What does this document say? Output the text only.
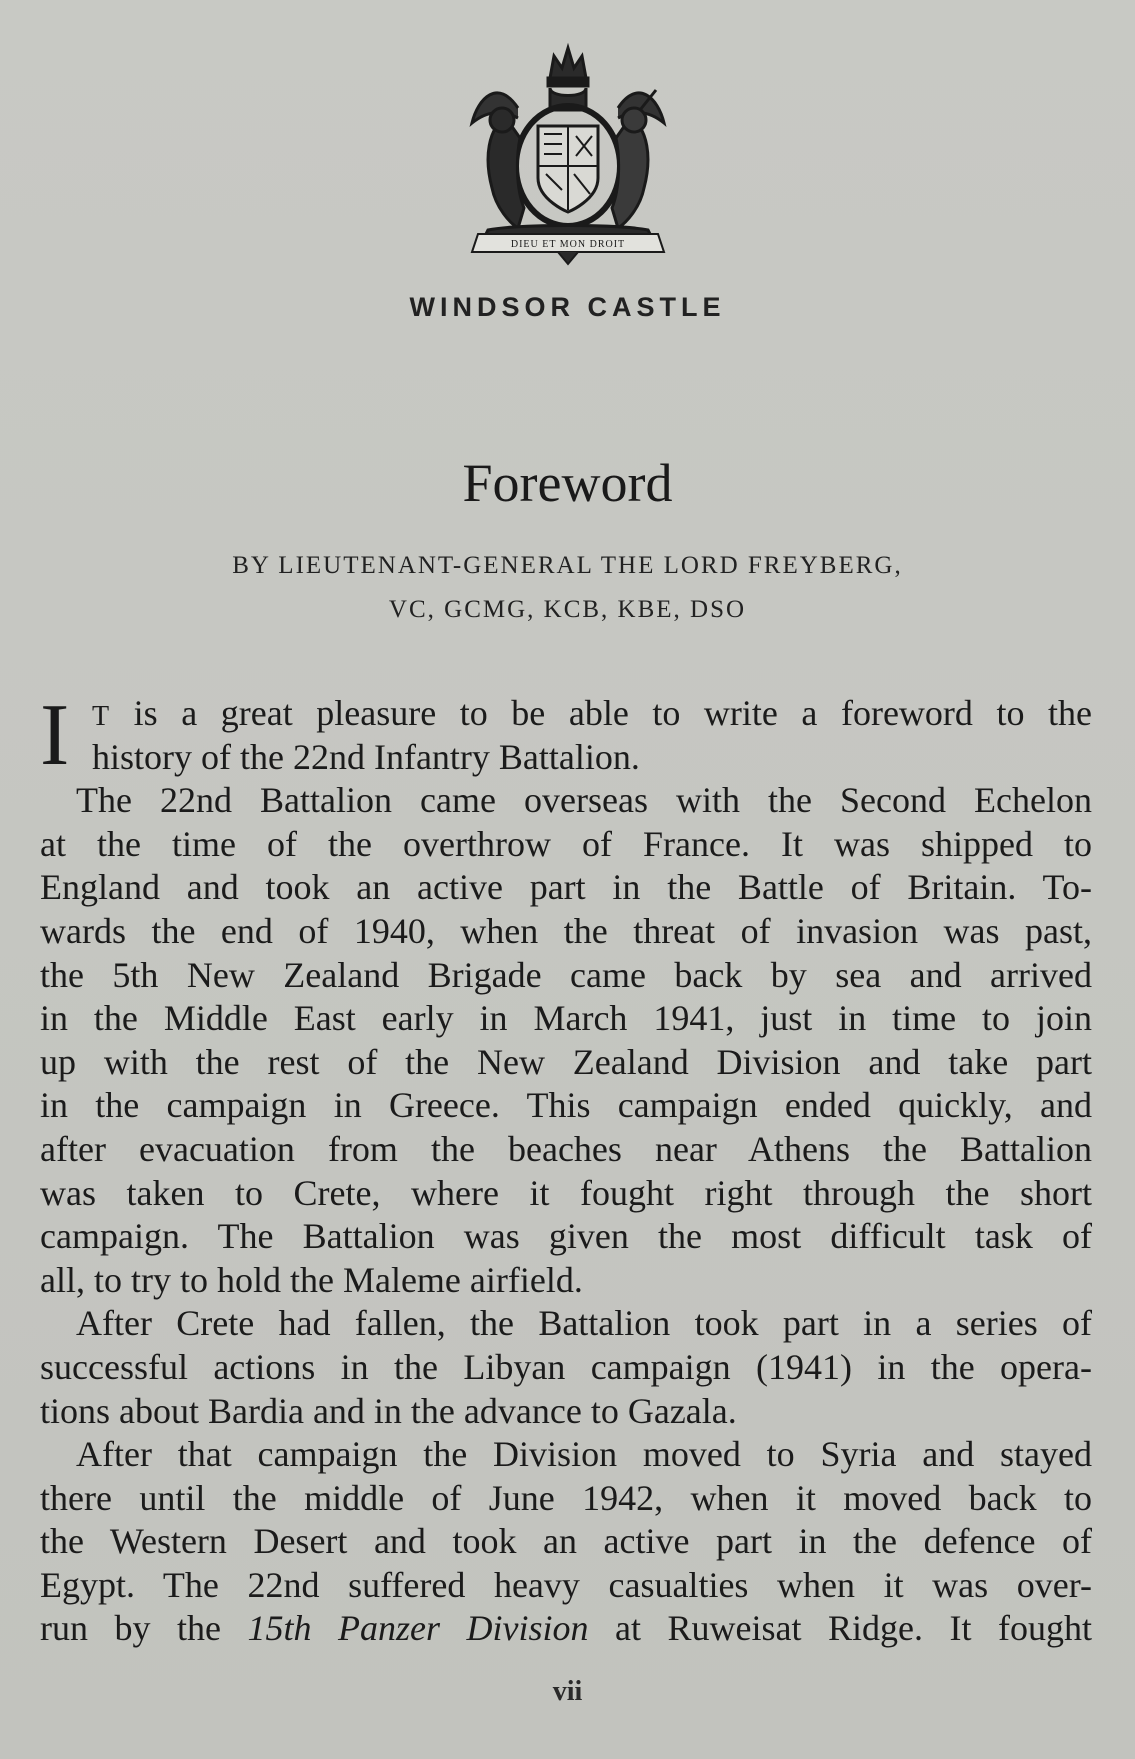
DIEU ET MON DROIT
WINDSOR CASTLE
Foreword
BY LIEUTENANT-GENERAL THE LORD FREYBERG,
VC, GCMG, KCB, KBE, DSO
I T is a great pleasure to be able to write a foreword to the
history of the 22nd Infantry Battalion.
The 22nd Battalion came overseas with the Second Echelon
at the time of the overthrow of France. It was shipped to
England and took an active part in the Battle of Britain. To-
wards the end of 1940, when the threat of invasion was past,
the 5th New Zealand Brigade came back by sea and arrived
in the Middle East early in March 1941, just in time to join
up with the rest of the New Zealand Division and take part
in the campaign in Greece. This campaign ended quickly, and
after evacuation from the beaches near Athens the Battalion
was taken to Crete, where it fought right through the short
campaign. The Battalion was given the most difficult task of
all, to try to hold the Maleme airfield.
After Crete had fallen, the Battalion took part in a series of
successful actions in the Libyan campaign (1941) in the opera-
tions about Bardia and in the advance to Gazala.
After that campaign the Division moved to Syria and stayed
there until the middle of June 1942, when it moved back to
the Western Desert and took an active part in the defence of
Egypt. The 22nd suffered heavy casualties when it was over-
run by the 15th Panzer Division at Ruweisat Ridge. It fought
vii
